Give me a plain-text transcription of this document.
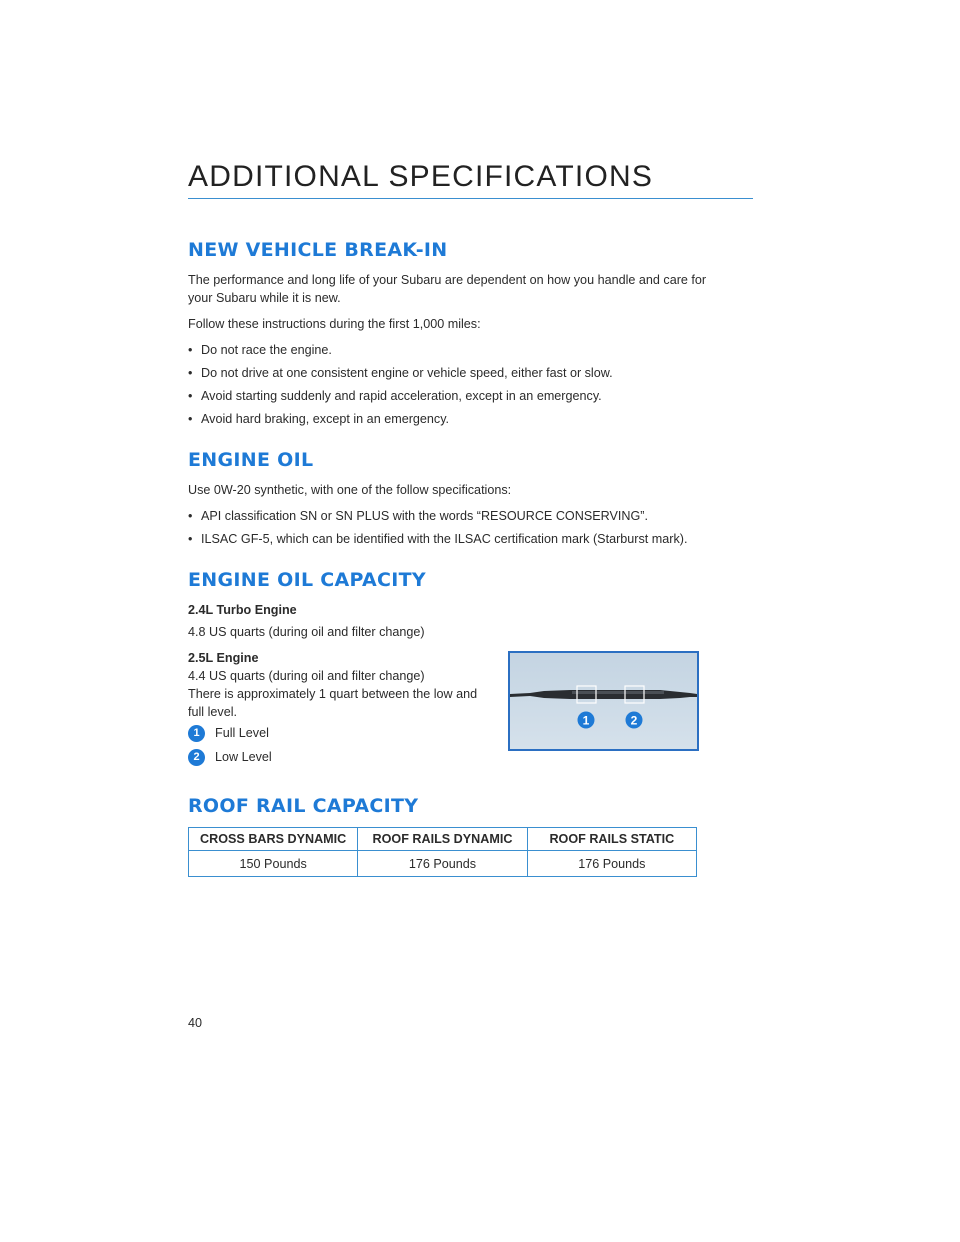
ADDITIONAL SPECIFICATIONS
NEW VEHICLE BREAK-IN

The performance and long life of your Subaru are dependent on how you handle and care for your Subaru while it is new.

Follow these instructions during the first 1,000 miles:

• Do not race the engine.
• Do not drive at one consistent engine or vehicle speed, either fast or slow.
• Avoid starting suddenly and rapid acceleration, except in an emergency.
• Avoid hard braking, except in an emergency.
ENGINE OIL

Use 0W-20 synthetic, with one of the follow specifications:

• API classification SN or SN PLUS with the words “RESOURCE CONSERVING”.
• ILSAC GF-5, which can be identified with the ILSAC certification mark (Starburst mark).
ENGINE OIL CAPACITY

2.4L Turbo Engine

4.8 US quarts (during oil and filter change)

2.5L Engine

4.4 US quarts (during oil and filter change)

There is approximately 1 quart between the low and full level.

1	Full Level
2	Low Level
1	2
ROOF RAIL CAPACITY
CROSS BARS DYNAMIC	ROOF RAILS DYNAMIC	ROOF RAILS STATIC
150 Pounds	176 Pounds	176 Pounds
40
